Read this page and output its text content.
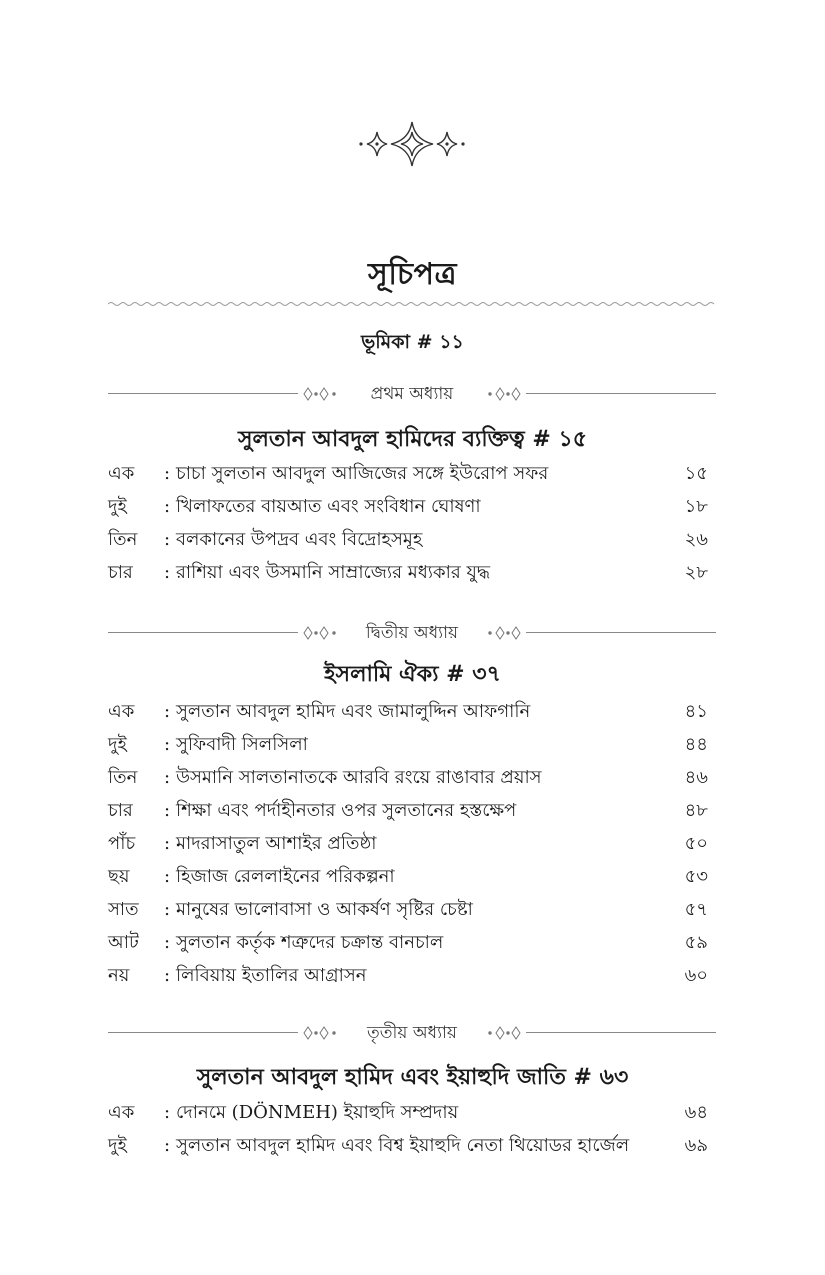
সূচিপত্র
ভূমিকা # ১১
প্রথম অধ্যায়
সুলতান আবদুল হামিদের ব্যক্তিত্ব # ১৫
এক : চাচা সুলতান আবদুল আজিজের সঙ্গে ইউরোপ সফর	১৫
দুই : খিলাফতের বায়আত এবং সংবিধান ঘোষণা	১৮
তিন : বলকানের উপদ্রব এবং বিদ্রোহসমূহ	২৬
চার : রাশিয়া এবং উসমানি সাম্রাজ্যের মধ্যকার যুদ্ধ	২৮
দ্বিতীয় অধ্যায়
ইসলামি ঐক্য # ৩৭
এক : সুলতান আবদুল হামিদ এবং জামালুদ্দিন আফগানি	৪১
দুই : সুফিবাদী সিলসিলা	৪৪
তিন : উসমানি সালতানাতকে আরবি রংয়ে রাঙাবার প্রয়াস	৪৬
চার : শিক্ষা এবং পর্দাহীনতার ওপর সুলতানের হস্তক্ষেপ	৪৮
পাঁচ : মাদরাসাতুল আশাইর প্রতিষ্ঠা	৫০
ছয় : হিজাজ রেললাইনের পরিকল্পনা	৫৩
সাত : মানুষের ভালোবাসা ও আকর্ষণ সৃষ্টির চেষ্টা	৫৭
আট : সুলতান কর্তৃক শত্রুদের চক্রান্ত বানচাল	৫৯
নয় : লিবিয়ায় ইতালির আগ্রাসন	৬০
তৃতীয় অধ্যায়
সুলতান আবদুল হামিদ এবং ইয়াহুদি জাতি # ৬৩
এক : দোনমে (DÖNMEH) ইয়াহুদি সম্প্রদায়	৬৪
দুই : সুলতান আবদুল হামিদ এবং বিশ্ব ইয়াহুদি নেতা থিয়োডর হার্জেল	৬৯
